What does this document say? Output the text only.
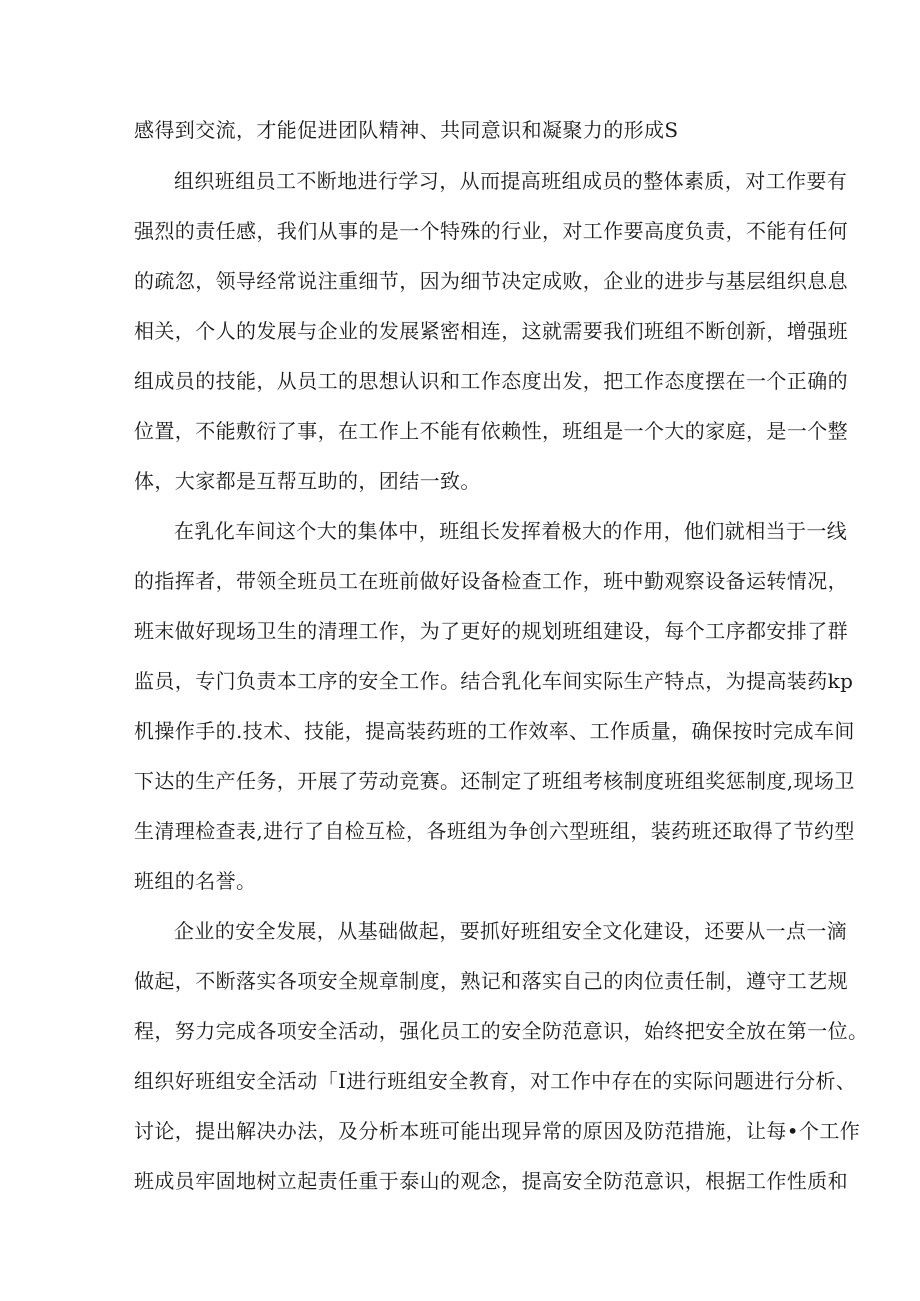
感得到交流，才能促进团队精神、共同意识和凝聚力的形成S
组织班组员工不断地进行学习，从而提高班组成员的整体素质，对工作要有
强烈的责任感，我们从事的是一个特殊的行业，对工作要高度负责，不能有任何
的疏忽，领导经常说注重细节，因为细节决定成败，企业的进步与基层组织息息
相关，个人的发展与企业的发展紧密相连，这就需要我们班组不断创新，增强班
组成员的技能，从员工的思想认识和工作态度出发，把工作态度摆在一个正确的
位置，不能敷衍了事，在工作上不能有依赖性，班组是一个大的家庭，是一个整
体，大家都是互帮互助的，团结一致。
在乳化车间这个大的集体中，班组长发挥着极大的作用，他们就相当于一线
的指挥者，带领全班员工在班前做好设备检查工作，班中勤观察设备运转情况，
班末做好现场卫生的清理工作，为了更好的规划班组建设，每个工序都安排了群
监员，专门负责本工序的安全工作。结合乳化车间实际生产特点，为提高装药kp
机操作手的.技术、技能，提高装药班的工作效率、工作质量，确保按时完成车间
下达的生产任务，开展了劳动竞赛。还制定了班组考核制度班组奖惩制度,现场卫
生清理检查表,进行了自检互检，各班组为争创六型班组，装药班还取得了节约型
班组的名誉。
企业的安全发展，从基础做起，要抓好班组安全文化建设，还要从一点一滴
做起，不断落实各项安全规章制度，熟记和落实自己的肉位责任制，遵守工艺规
程，努力完成各项安全活动，强化员工的安全防范意识，始终把安全放在第一位。
组织好班组安全活动「I进行班组安全教育，对工作中存在的实际问题进行分析、
讨论，提出解决办法，及分析本班可能出现异常的原因及防范措施，让每•个工作
班成员牢固地树立起责任重于泰山的观念，提高安全防范意识，根据工作性质和
